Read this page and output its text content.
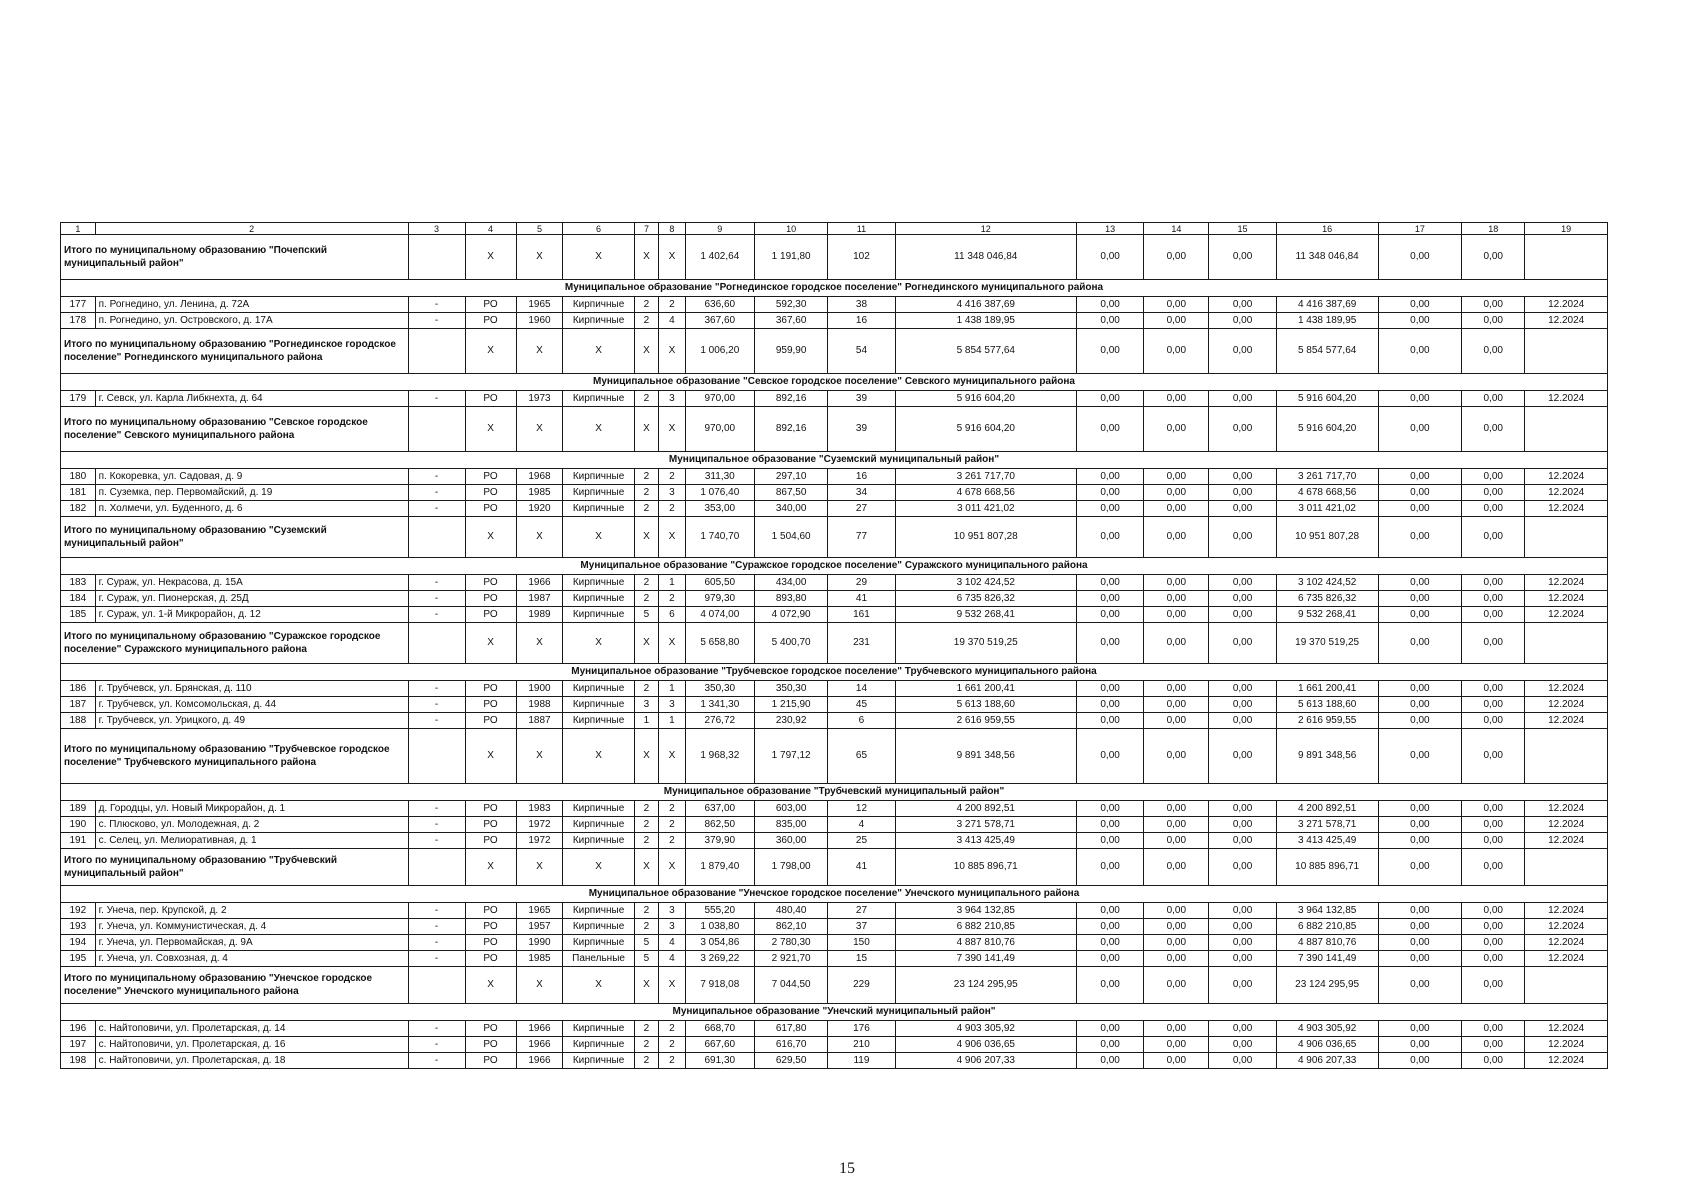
1	2	3	4	5	6	7	8	9	10	11	12	13	14	15	16	17	18	19
Итого по муниципальному образованию "Почепский муниципальный район"			X	X	X	X	X	1 402,64	1 191,80	102	11 348 046,84	0,00	0,00	0,00	11 348 046,84	0,00	0,00	
Муниципальное образование "Рогнединское городское поселение" Рогнединского муниципального района																		
177	п. Рогнедино, ул. Ленина, д. 72А	-	РО	1965	Кирпичные	2	2	636,60	592,30	38	4 416 387,69	0,00	0,00	0,00	4 416 387,69	0,00	0,00	12.2024
178	п. Рогнедино, ул. Островского, д. 17А	-	РО	1960	Кирпичные	2	4	367,60	367,60	16	1 438 189,95	0,00	0,00	0,00	1 438 189,95	0,00	0,00	12.2024
Итого по муниципальному образованию "Рогнединское городское поселение" Рогнединского муниципального района			X	X	X	X	X	1 006,20	959,90	54	5 854 577,64	0,00	0,00	0,00	5 854 577,64	0,00	0,00	
Муниципальное образование "Севское городское поселение" Севского муниципального района																		
179	г. Севск, ул. Карла Либкнехта, д. 64	-	РО	1973	Кирпичные	2	3	970,00	892,16	39	5 916 604,20	0,00	0,00	0,00	5 916 604,20	0,00	0,00	12.2024
Итого по муниципальному образованию "Севское городское поселение" Севского муниципального района			X	X	X	X	X	970,00	892,16	39	5 916 604,20	0,00	0,00	0,00	5 916 604,20	0,00	0,00	
Муниципальное образование "Суземский муниципальный район"																		
180	п. Кокоревка, ул. Садовая, д. 9	-	РО	1968	Кирпичные	2	2	311,30	297,10	16	3 261 717,70	0,00	0,00	0,00	3 261 717,70	0,00	0,00	12.2024
181	п. Суземка, пер. Первомайский, д. 19	-	РО	1985	Кирпичные	2	3	1 076,40	867,50	34	4 678 668,56	0,00	0,00	0,00	4 678 668,56	0,00	0,00	12.2024
182	п. Холмечи, ул. Буденного, д. 6	-	РО	1920	Кирпичные	2	2	353,00	340,00	27	3 011 421,02	0,00	0,00	0,00	3 011 421,02	0,00	0,00	12.2024
Итого по муниципальному образованию "Суземский муниципальный район"			X	X	X	X	X	1 740,70	1 504,60	77	10 951 807,28	0,00	0,00	0,00	10 951 807,28	0,00	0,00	
Муниципальное образование "Суражское городское поселение" Суражского муниципального района																		
183	г. Сураж, ул. Некрасова, д. 15А	-	РО	1966	Кирпичные	2	1	605,50	434,00	29	3 102 424,52	0,00	0,00	0,00	3 102 424,52	0,00	0,00	12.2024
184	г. Сураж, ул. Пионерская, д. 25Д	-	РО	1987	Кирпичные	2	2	979,30	893,80	41	6 735 826,32	0,00	0,00	0,00	6 735 826,32	0,00	0,00	12.2024
185	г. Сураж, ул. 1-й Микрорайон, д. 12	-	РО	1989	Кирпичные	5	6	4 074,00	4 072,90	161	9 532 268,41	0,00	0,00	0,00	9 532 268,41	0,00	0,00	12.2024
Итого по муниципальному образованию "Суражское городское поселение" Суражского муниципального района			X	X	X	X	X	5 658,80	5 400,70	231	19 370 519,25	0,00	0,00	0,00	19 370 519,25	0,00	0,00	
Муниципальное образование "Трубчевское городское поселение" Трубчевского муниципального района																		
186	г. Трубчевск, ул. Брянская, д. 110	-	РО	1900	Кирпичные	2	1	350,30	350,30	14	1 661 200,41	0,00	0,00	0,00	1 661 200,41	0,00	0,00	12.2024
187	г. Трубчевск, ул. Комсомольская, д. 44	-	РО	1988	Кирпичные	3	3	1 341,30	1 215,90	45	5 613 188,60	0,00	0,00	0,00	5 613 188,60	0,00	0,00	12.2024
188	г. Трубчевск, ул. Урицкого, д. 49	-	РО	1887	Кирпичные	1	1	276,72	230,92	6	2 616 959,55	0,00	0,00	0,00	2 616 959,55	0,00	0,00	12.2024
Итого по муниципальному образованию "Трубчевское городское поселение" Трубчевского муниципального района			X	X	X	X	X	1 968,32	1 797,12	65	9 891 348,56	0,00	0,00	0,00	9 891 348,56	0,00	0,00	
Муниципальное образование "Трубчевский муниципальный район"																		
189	д. Городцы, ул. Новый Микрорайон, д. 1	-	РО	1983	Кирпичные	2	2	637,00	603,00	12	4 200 892,51	0,00	0,00	0,00	4 200 892,51	0,00	0,00	12.2024
190	с. Плюсково, ул. Молодежная, д. 2	-	РО	1972	Кирпичные	2	2	862,50	835,00	4	3 271 578,71	0,00	0,00	0,00	3 271 578,71	0,00	0,00	12.2024
191	с. Селец, ул. Мелиоративная, д. 1	-	РО	1972	Кирпичные	2	2	379,90	360,00	25	3 413 425,49	0,00	0,00	0,00	3 413 425,49	0,00	0,00	12.2024
Итого по муниципальному образованию "Трубчевский муниципальный район"			X	X	X	X	X	1 879,40	1 798,00	41	10 885 896,71	0,00	0,00	0,00	10 885 896,71	0,00	0,00	
Муниципальное образование "Унечское городское поселение" Унечского муниципального района																		
192	г. Унеча, пер. Крупской, д. 2	-	РО	1965	Кирпичные	2	3	555,20	480,40	27	3 964 132,85	0,00	0,00	0,00	3 964 132,85	0,00	0,00	12.2024
193	г. Унеча, ул. Коммунистическая, д. 4	-	РО	1957	Кирпичные	2	3	1 038,80	862,10	37	6 882 210,85	0,00	0,00	0,00	6 882 210,85	0,00	0,00	12.2024
194	г. Унеча, ул. Первомайская, д. 9А	-	РО	1990	Кирпичные	5	4	3 054,86	2 780,30	150	4 887 810,76	0,00	0,00	0,00	4 887 810,76	0,00	0,00	12.2024
195	г. Унеча, ул. Совхозная, д. 4	-	РО	1985	Панельные	5	4	3 269,22	2 921,70	15	7 390 141,49	0,00	0,00	0,00	7 390 141,49	0,00	0,00	12.2024
Итого по муниципальному образованию "Унечское городское поселение" Унечского муниципального района			X	X	X	X	X	7 918,08	7 044,50	229	23 124 295,95	0,00	0,00	0,00	23 124 295,95	0,00	0,00	
Муниципальное образование "Унечский муниципальный район"																		
196	с. Найтоповичи, ул. Пролетарская, д. 14	-	РО	1966	Кирпичные	2	2	668,70	617,80	176	4 903 305,92	0,00	0,00	0,00	4 903 305,92	0,00	0,00	12.2024
197	с. Найтоповичи, ул. Пролетарская, д. 16	-	РО	1966	Кирпичные	2	2	667,60	616,70	210	4 906 036,65	0,00	0,00	0,00	4 906 036,65	0,00	0,00	12.2024
198	с. Найтоповичи, ул. Пролетарская, д. 18	-	РО	1966	Кирпичные	2	2	691,30	629,50	119	4 906 207,33	0,00	0,00	0,00	4 906 207,33	0,00	0,00	12.2024
15
